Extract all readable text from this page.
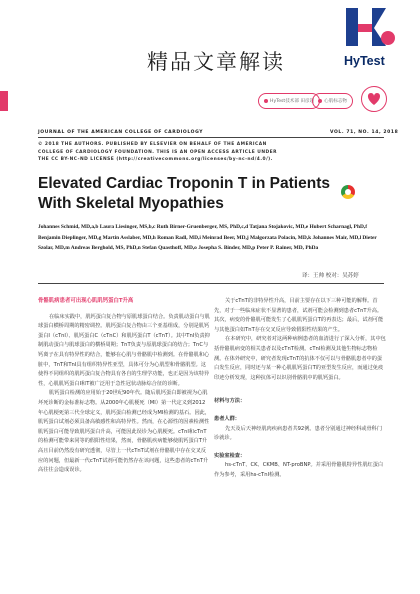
精品文章解读	HyTest
HyTest技术部 田彦超 心肌标志物
JOURNAL OF THE AMERICAN COLLEGE OF CARDIOLOGY	VOL. 71, NO. 14, 2018
© 2018 THE AUTHORS. PUBLISHED BY ELSEVIER ON BEHALF OF THE AMERICAN
COLLEGE OF CARDIOLOGY FOUNDATION. THIS IS AN OPEN ACCESS ARTICLE UNDER
THE CC BY-NC-ND LICENSE (http://creativecommons.org/licenses/by-nc-nd/4.0/).
Elevated Cardiac Troponin T in Patients With Skeletal Myopathies
Johannes Schmid, MD,a,b Laura Liesinger, MS,b,c Ruth Birner-Gruenberger, MS, PhD,c,d Tatjana Stojakovic, MD,e Hubert Scharnagl, PhD,f Benjamin Dieplinger, MD,g Martin Asslaber, MD,h Roman Radl, MD,i Meinrad Beer, MD,j Malgorzata Polacin, MD,k Johannes Mair, MD,l Dieter Szolar, MD,m Andreas Berghold, MS, PhD,n Stefan Quasthoff, MD,o Josepha S. Binder, MD,p Peter P. Rainer, MD, PhDa
译：王帅 校对：吴苏婷
骨骼肌病患者可出现心肌肌钙蛋白T升高

在临床实践中，肌钙蛋白复合物与原肌球蛋白结合。负责肌动蛋白与肌球蛋白横桥周期的精密调控。肌钙蛋白复合物由三个亚基组成，分别是肌钙蛋白I（cTnI）、肌钙蛋白C（cTnC）和肌钙蛋白T（cTnT）。其中TnI负责抑制肌动蛋白与肌球蛋白的横桥周期；TnT负责与原肌球蛋白的结合；TnC与钙离子在具有特异性的结合，能够在心肌与骨骼肌中检测到。在骨骼肌和心脏中，TnT和TnI具有组织特异性亚型，具体可分为心肌型和骨骼肌型。这使得不同组织的肌钙蛋白复合物具有各自的生理学功能，也正是因为该特异性，心肌肌钙蛋白I和T被广泛用于急性冠状动脉综合征的诊断。

肌钙蛋白检测的应用始于20世纪90年代。随后肌钙蛋白即被视为心肌坏死诊断的金标准标志物。从2000年心肌梗死（MI）第一代定义到2012年心肌梗死第三代全球定义，肌钙蛋白检测已经成为MI检测的基石。因此，肌钙蛋白试剂必须具备高敏感性和高特异性。然而，在心源性的因素检测性肌钙蛋白可能导致肌钙蛋白升高，可能因此误诊为心肌梗死。cTnI和cTnT的检测可能带来同等的假阳性结果，然而，骨骼肌疾病能够使肌钙蛋白T升高且目前仍然没有研究透彻，尽管上一代cTnT试剂在骨骼肌中存在交叉反应的问题，但最新一代cTnT试剂可能仍然存在该问题，这些患者的cTnT升高往往会造成误诊。

关于cTnT的非特异性升高，目前主要存在以下三种可能的解释。首先，对于一些临床症状不显著的患者，试剂可能会检测到患者cTnT升高。其次，病变的骨骼肌可能发生了心肌肌钙蛋白T的再表达；最后，试剂可能与其他蛋白如TnT存在交叉反应导致假阳性结果的产生。

在本研究中，研究者对这两种病例患者的血清进行了深入分析，其中包括骨骼肌病变的相关患者以及cTnT检测。cTnI检测及其他生物标志物检测。在体外研究中，研究者发现cTnT的抗体不仅可以与骨骼肌患者中的蛋白发生反应，同时还与某一种心肌肌钙蛋白T的亚型发生反应，而通过免疫印迹分析发现，这种抗体可以识别骨骼肌中的肌钙蛋白。

材料与方法：

患者人群：

先天及后天神经肌肉疾病患者共92例。患者分别通过神经科或骨科门诊就诊。

实验室检查：

hs-cTnT、CK、CKMB、NT-proBNP。并采用骨骼肌特异性肌红蛋白作为参考，采用hs-cTnI检测。
